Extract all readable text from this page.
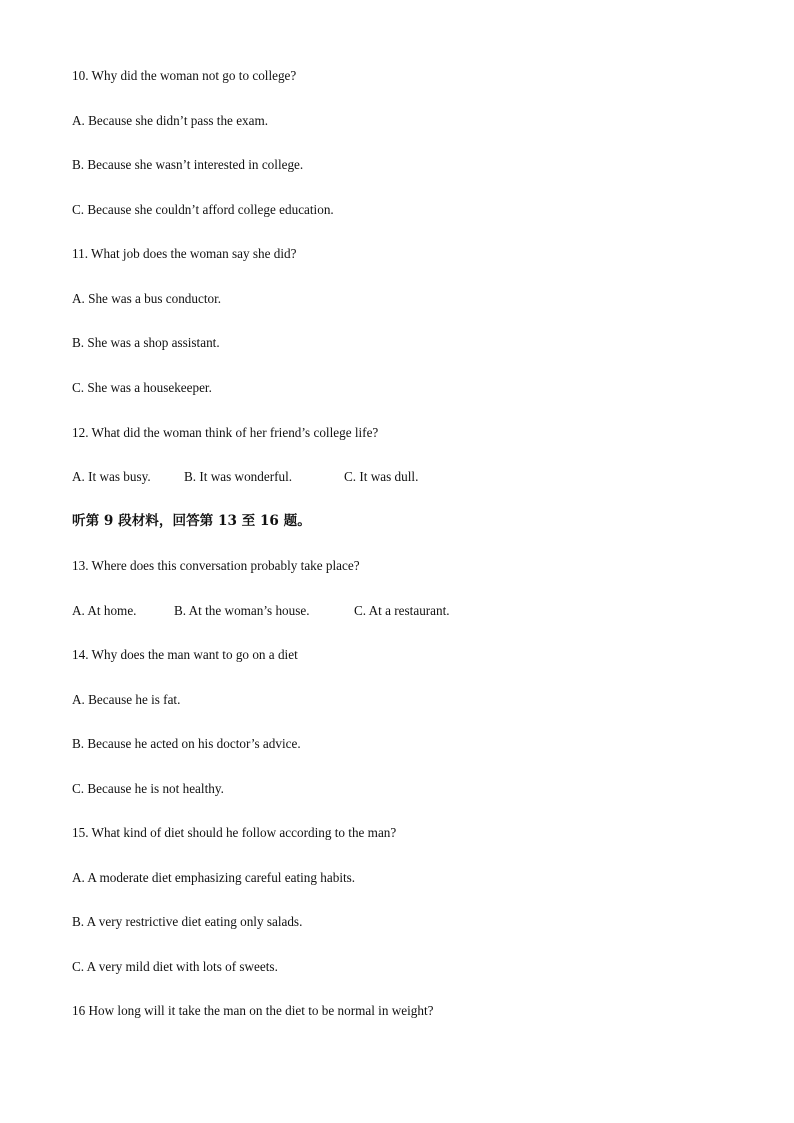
10. Why did the woman not go to college?
A. Because she didn’t pass the exam.
B. Because she wasn’t interested in college.
C. Because she couldn’t afford college education.
11. What job does the woman say she did?
A. She was a bus conductor.
B. She was a shop assistant.
C. She was a housekeeper.
12. What did the woman think of her friend’s college life?
A. It was busy.	B. It was wonderful.	C. It was dull.
听第 9 段材料，回答第 13 至 16 题。
13. Where does this conversation probably take place?
A. At home.	B. At the woman’s house.	C. At a restaurant.
14. Why does the man want to go on a diet
A. Because he is fat.
B. Because he acted on his doctor’s advice.
C. Because he is not healthy.
15. What kind of diet should he follow according to the man?
A. A moderate diet emphasizing careful eating habits.
B. A very restrictive diet eating only salads.
C. A very mild diet with lots of sweets.
16 How long will it take the man on the diet to be normal in weight?
